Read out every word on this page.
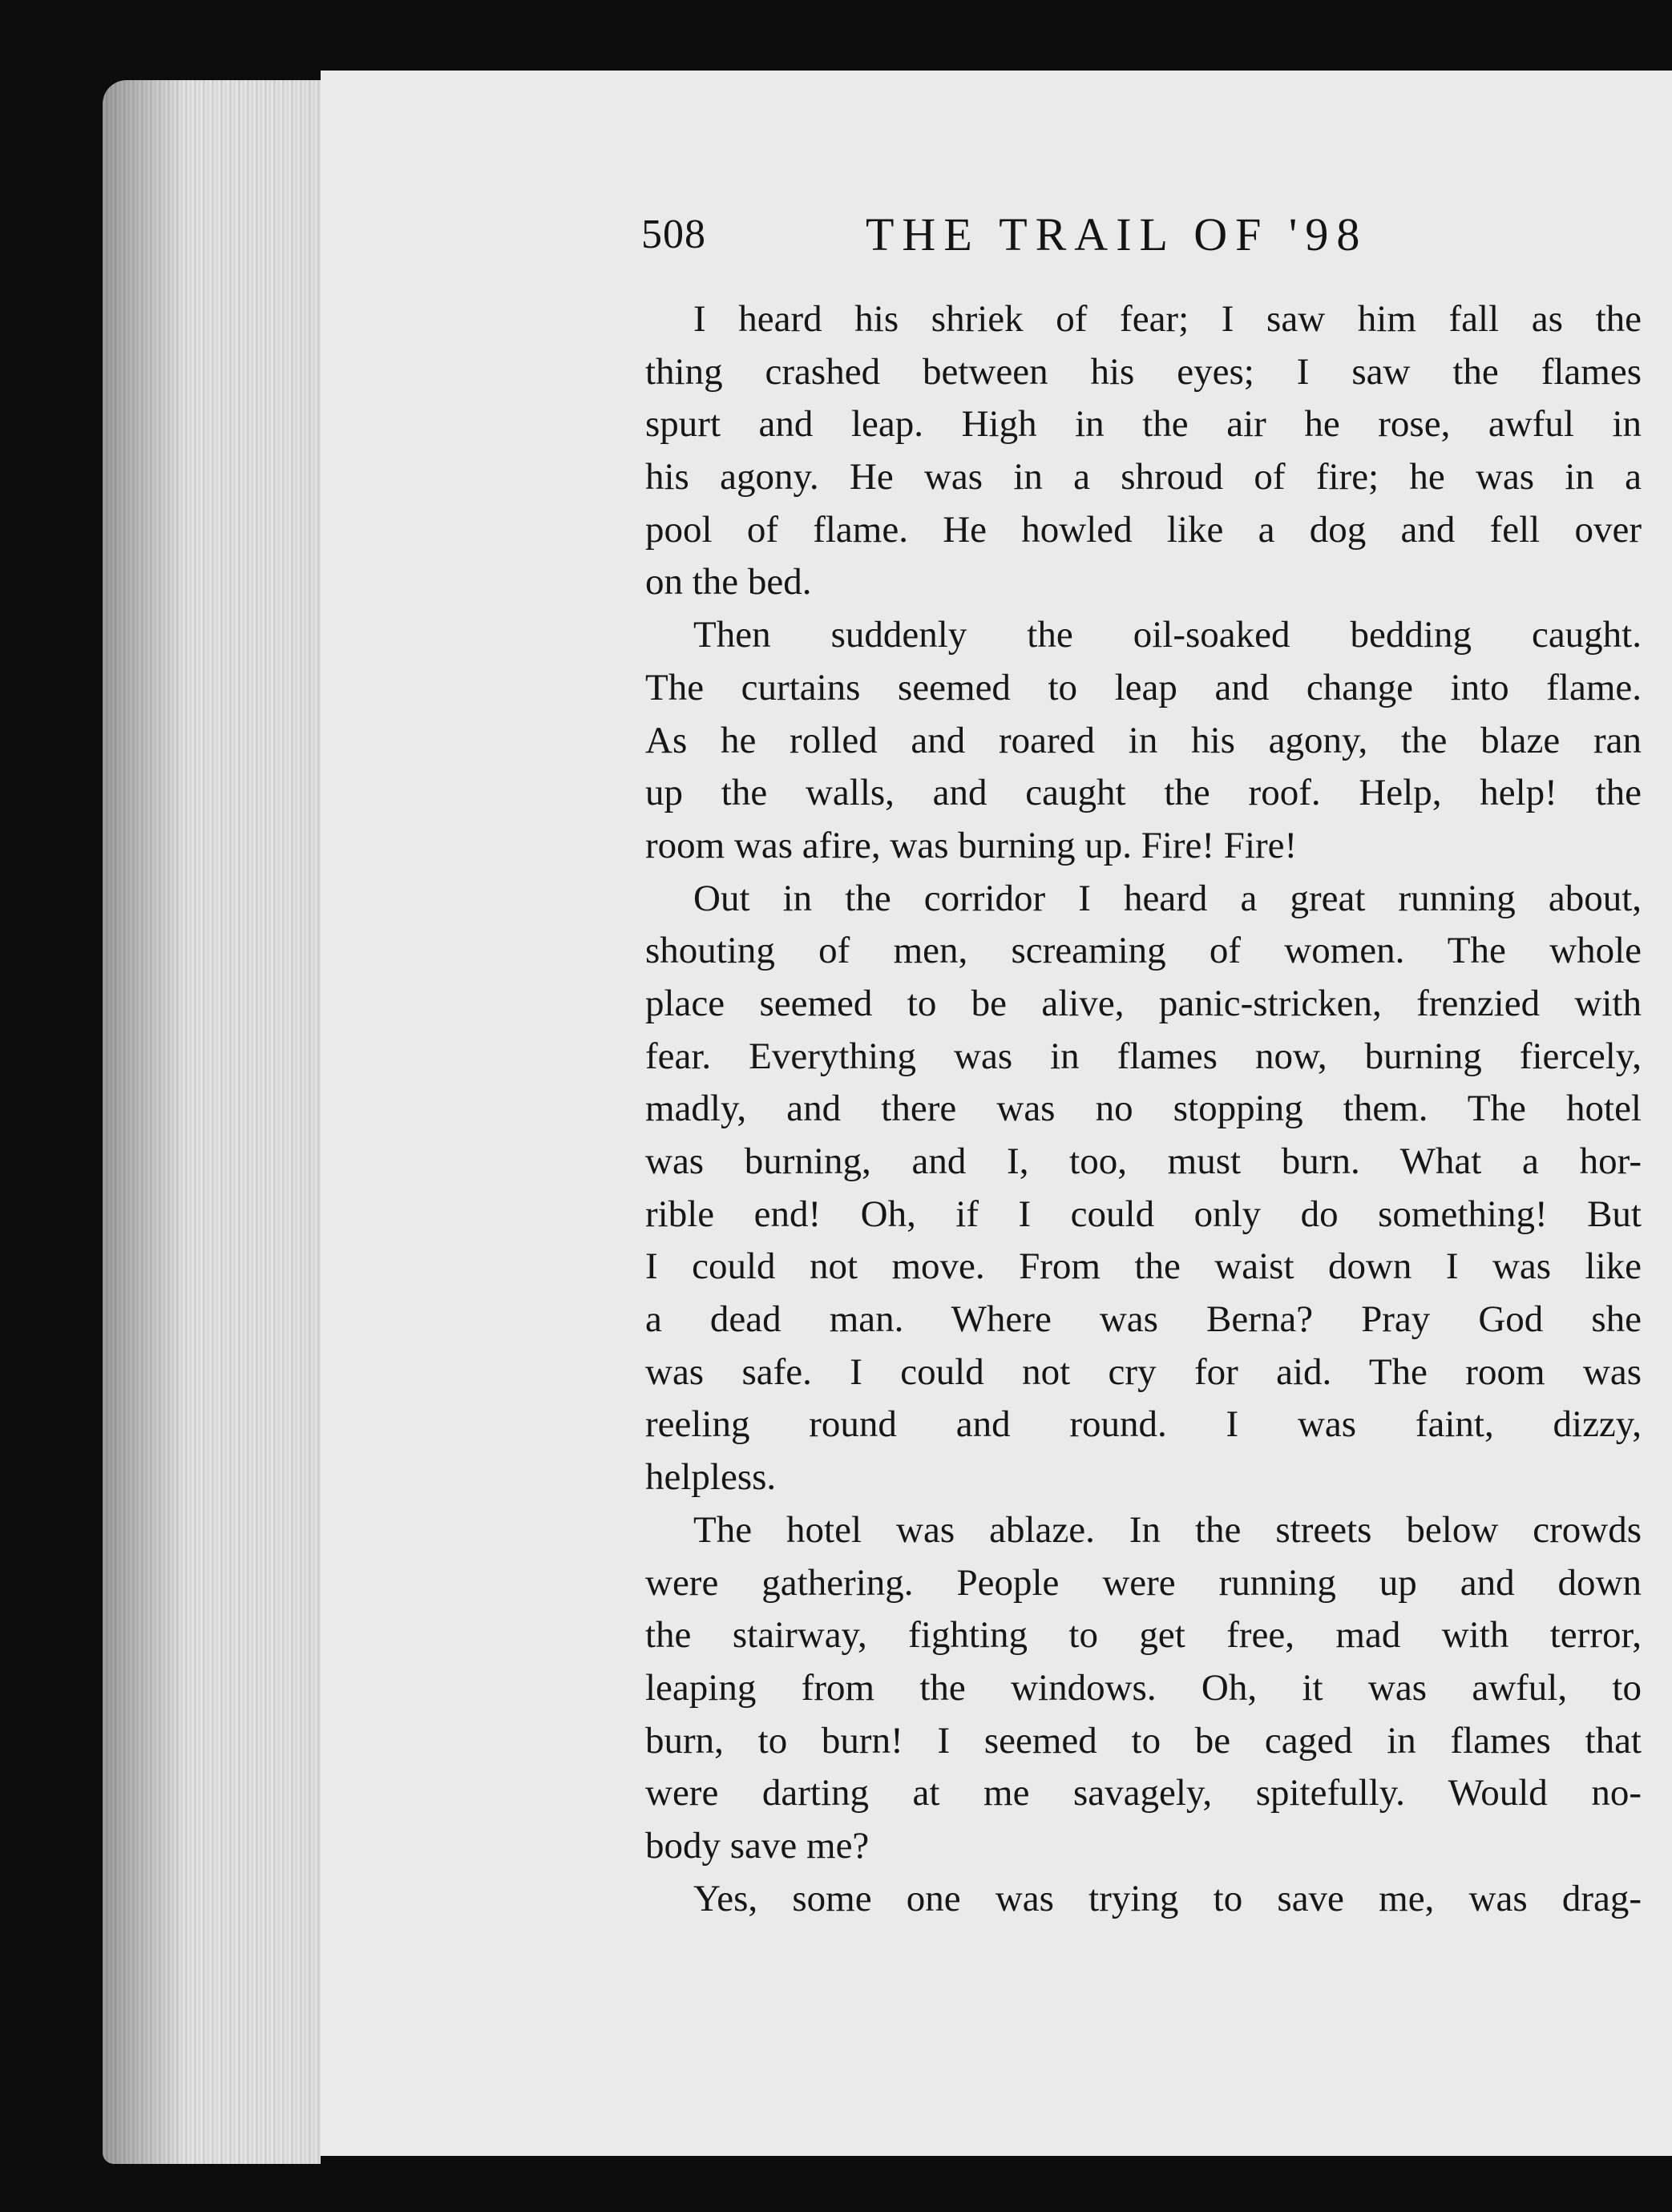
508	THE TRAIL OF '98
I heard his shriek of fear; I saw him fall as the
thing crashed between his eyes; I saw the flames
spurt and leap. High in the air he rose, awful in
his agony. He was in a shroud of fire; he was in a
pool of flame. He howled like a dog and fell over
on the bed.
Then suddenly the oil-soaked bedding caught.
The curtains seemed to leap and change into flame.
As he rolled and roared in his agony, the blaze ran
up the walls, and caught the roof. Help, help! the
room was afire, was burning up. Fire! Fire!
Out in the corridor I heard a great running about,
shouting of men, screaming of women. The whole
place seemed to be alive, panic-stricken, frenzied with
fear. Everything was in flames now, burning fiercely,
madly, and there was no stopping them. The hotel
was burning, and I, too, must burn. What a hor-
rible end! Oh, if I could only do something! But
I could not move. From the waist down I was like
a dead man. Where was Berna? Pray God she
was safe. I could not cry for aid. The room was
reeling round and round. I was faint, dizzy,
helpless.
The hotel was ablaze. In the streets below crowds
were gathering. People were running up and down
the stairway, fighting to get free, mad with terror,
leaping from the windows. Oh, it was awful, to
burn, to burn! I seemed to be caged in flames that
were darting at me savagely, spitefully. Would no-
body save me?
Yes, some one was trying to save me, was drag-
